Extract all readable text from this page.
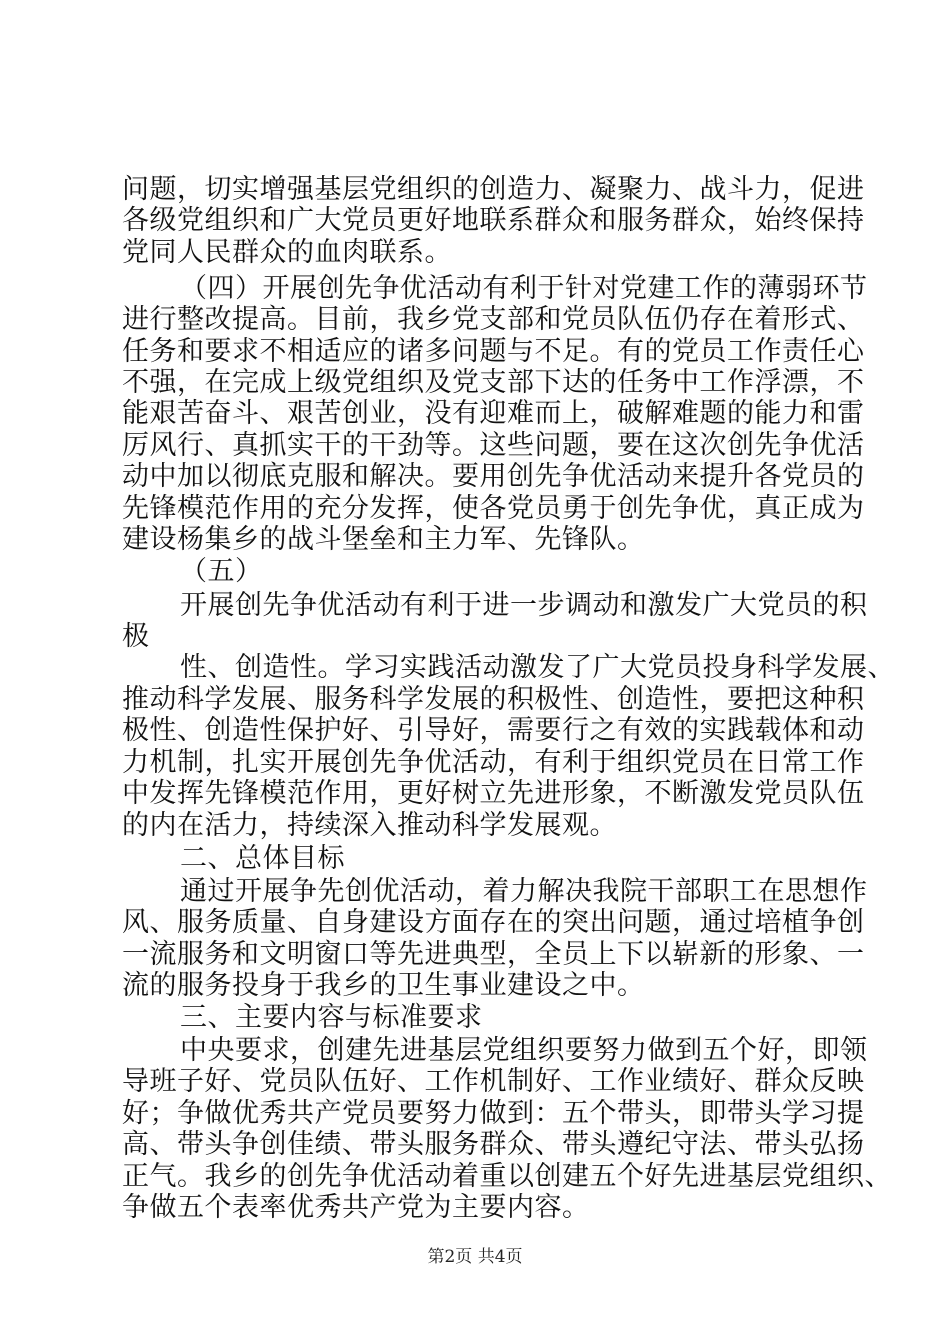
问题，切实增强基层党组织的创造力、凝聚力、战斗力，促进
各级党组织和广大党员更好地联系群众和服务群众，始终保持
党同人民群众的血肉联系。
（四）开展创先争优活动有利于针对党建工作的薄弱环节
进行整改提高。目前，我乡党支部和党员队伍仍存在着形式、
任务和要求不相适应的诸多问题与不足。有的党员工作责任心
不强，在完成上级党组织及党支部下达的任务中工作浮漂，不
能艰苦奋斗、艰苦创业，没有迎难而上，破解难题的能力和雷
厉风行、真抓实干的干劲等。这些问题，要在这次创先争优活
动中加以彻底克服和解决。要用创先争优活动来提升各党员的
先锋模范作用的充分发挥，使各党员勇于创先争优，真正成为
建设杨集乡的战斗堡垒和主力军、先锋队。
（五）
开展创先争优活动有利于进一步调动和激发广大党员的积
极
性、创造性。学习实践活动激发了广大党员投身科学发展、
推动科学发展、服务科学发展的积极性、创造性，要把这种积
极性、创造性保护好、引导好，需要行之有效的实践载体和动
力机制，扎实开展创先争优活动，有利于组织党员在日常工作
中发挥先锋模范作用，更好树立先进形象，不断激发党员队伍
的内在活力，持续深入推动科学发展观。
二、总体目标
通过开展争先创优活动，着力解决我院干部职工在思想作
风、服务质量、自身建设方面存在的突出问题，通过培植争创
一流服务和文明窗口等先进典型，全员上下以崭新的形象、一
流的服务投身于我乡的卫生事业建设之中。
三、主要内容与标准要求
中央要求，创建先进基层党组织要努力做到五个好，即领
导班子好、党员队伍好、工作机制好、工作业绩好、群众反映
好；争做优秀共产党员要努力做到：五个带头，即带头学习提
高、带头争创佳绩、带头服务群众、带头遵纪守法、带头弘扬
正气。我乡的创先争优活动着重以创建五个好先进基层党组织、
争做五个表率优秀共产党为主要内容。
第2页 共4页
